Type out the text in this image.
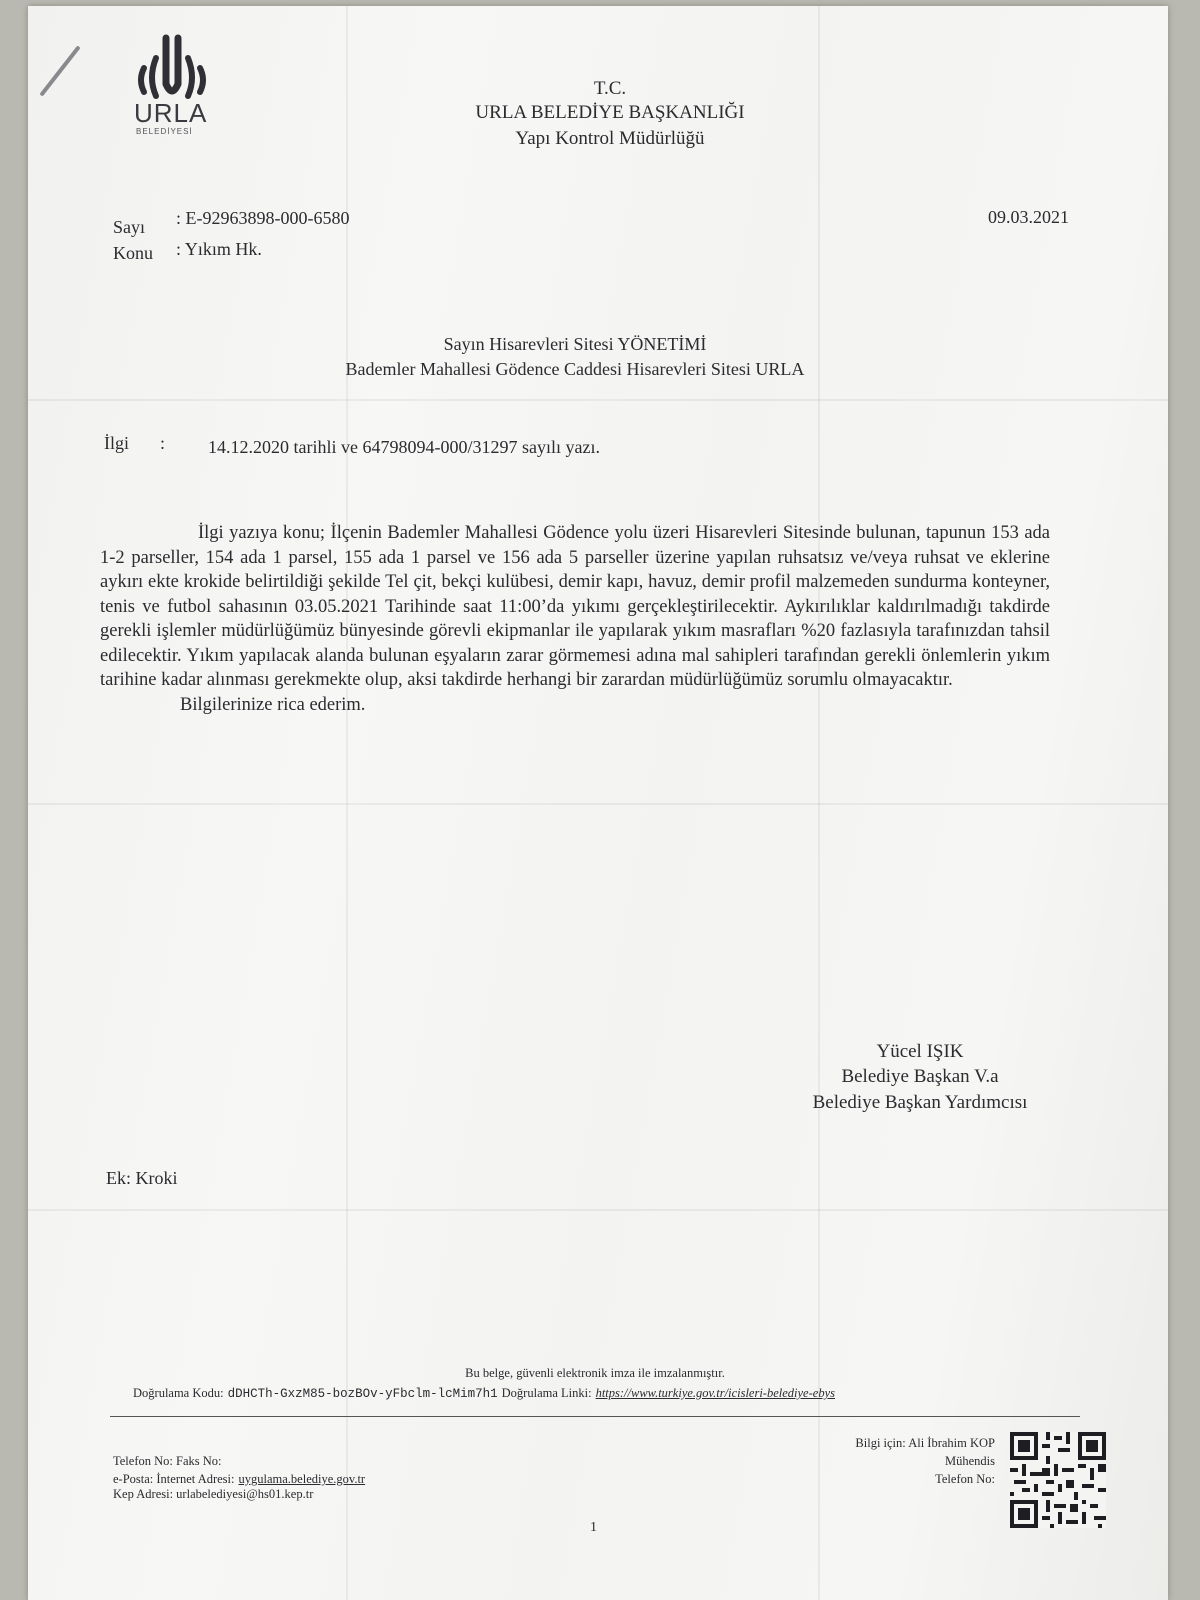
URLA
BELEDİYESİ
T.C.
URLA BELEDİYE BAŞKANLIĞI
Yapı Kontrol Müdürlüğü
Sayı : E-92963898-000-6580
Konu : Yıkım Hk.
09.03.2021
Sayın Hisarevleri Sitesi YÖNETİMİ
Bademler Mahallesi Gödence Caddesi Hisarevleri Sitesi URLA
İlgi : 14.12.2020 tarihli ve 64798094-000/31297 sayılı yazı.

İlgi yazıya konu; İlçenin Bademler Mahallesi Gödence yolu üzeri Hisarevleri Sitesinde bulunan, tapunun 153 ada 1-2 parseller, 154 ada 1 parsel, 155 ada 1 parsel ve 156 ada 5 parseller üzerine yapılan ruhsatsız ve/veya ruhsat ve eklerine aykırı ekte krokide belirtildiği şekilde Tel çit, bekçi kulübesi, demir kapı, havuz, demir profil malzemeden sundurma konteyner, tenis ve futbol sahasının 03.05.2021 Tarihinde saat 11:00’da yıkımı gerçekleştirilecektir. Aykırılıklar kaldırılmadığı takdirde gerekli işlemler müdürlüğümüz bünyesinde görevli ekipmanlar ile yapılarak yıkım masrafları %20 fazlasıyla tarafınızdan tahsil edilecektir. Yıkım yapılacak alanda bulunan eşyaların zarar görmemesi adına mal sahipleri tarafından gerekli önlemlerin yıkım tarihine kadar alınması gerekmekte olup, aksi takdirde herhangi bir zarardan müdürlüğümüz sorumlu olmayacaktır.

Bilgilerinize rica ederim.

Yücel IŞIK
Belediye Başkan V.a
Belediye Başkan Yardımcısı
Ek: Kroki
Bu belge, güvenli elektronik imza ile imzalanmıştır.
Doğrulama Kodu: dDHCTh-GxzM85-bozBOv-yFbclm-lcMim7h1 Doğrulama Linki: https://www.turkiye.gov.tr/icisleri-belediye-ebys
Telefon No: Faks No:
e-Posta: İnternet Adresi: uygulama.belediye.gov.tr
Kep Adresi: urlabelediyesi@hs01.kep.tr
Bilgi için: Ali İbrahim KOP
Mühendis
Telefon No:
1
